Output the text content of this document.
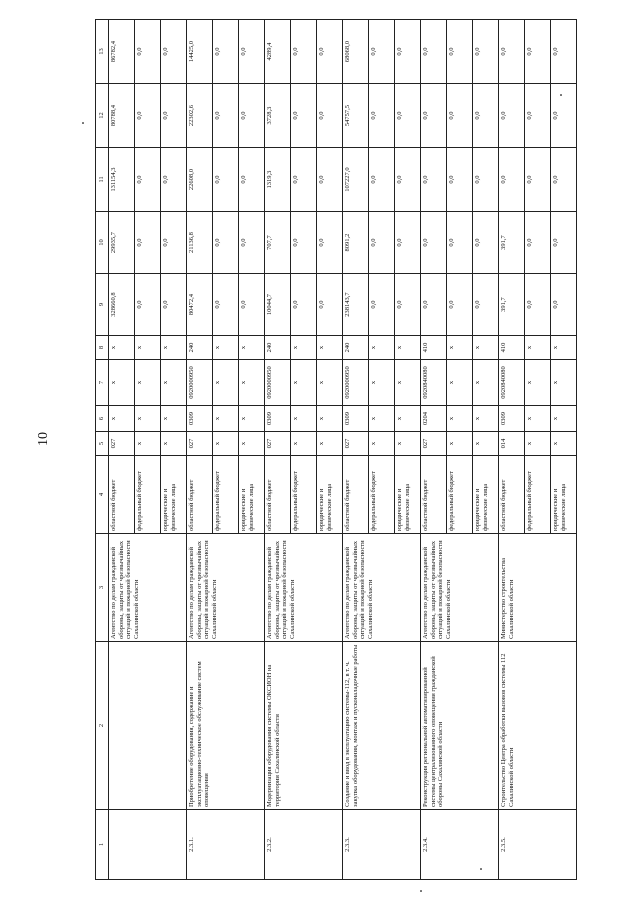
10
1	2	3	4	5	6	7	8	9	10	11	12	13
		Агентство по делам гражданской обороны, защиты от чрезвычайных ситуаций и пожарной безопасности Сахалинской области	областной бюджет	027	x	x	x	328660,8	29935,7	131154,3	80788,4	86782,4
			федеральный бюджет	x	x	x	x	0,0	0,0	0,0	0,0	0,0
			юридические и физические лица	x	x	x	x	0,0	0,0	0,0	0,0	0,0
2.3.1.	Приобретение оборудования, содержание и эксплуатационно-техническое обслуживание систем оповещения	Агентство по делам гражданской обороны, защиты от чрезвычайных ситуаций и пожарной безопасности Сахалинской области	областной бюджет	027	0309	0920000950	240	80472,4	21136,8	22608,0	22302,6	14425,0
			федеральный бюджет	x	x	x	x	0,0	0,0	0,0	0,0	0,0
			юридические и физические лица	x	x	x	x	0,0	0,0	0,0	0,0	0,0
2.3.2.	Модернизация оборудования системы ОКСИОН на территории Сахалинской области	Агентство по делам гражданской обороны, защиты от чрезвычайных ситуаций и пожарной безопасности Сахалинской области	областной бюджет	027	0309	0920000950	240	10044,7	707,7	1319,3	3728,3	4289,4
			федеральный бюджет	x	x	x	x	0,0	0,0	0,0	0,0	0,0
			юридические и физические лица	x	x	x	x	0,0	0,0	0,0	0,0	0,0
2.3.3.	Создание и ввод в эксплуатацию системы-112, в т. ч. закупка оборудования, монтаж и пусконаладочные работы	Агентство по делам гражданской обороны, защиты от чрезвычайных ситуаций и пожарной безопасности Сахалинской области	областной бюджет	027	0309	0920000950	240	238143,7	8091,2	107227,0	54757,5	68068,0
			федеральный бюджет	x	x	x	x	0,0	0,0	0,0	0,0	0,0
			юридические и физические лица	x	x	x	x	0,0	0,0	0,0	0,0	0,0
2.3.4.	Реконструкция региональной автоматизированной системы централизованного оповещения гражданской обороны Сахалинской области	Агентство по делам гражданской обороны, защиты от чрезвычайных ситуаций и пожарной безопасности Сахалинской области	областной бюджет	027	0204	0920840080	410	0,0	0,0	0,0	0,0	0,0
			федеральный бюджет	x	x	x	x	0,0	0,0	0,0	0,0	0,0
			юридические и физические лица	x	x	x	x	0,0	0,0	0,0	0,0	0,0
2.3.5.	Строительство Центра обработки вызовов системы 112 Сахалинской области	Министерство строительства Сахалинской области	областной бюджет	014	0309	0920840080	410	391,7	391,7	0,0	0,0	0,0
			федеральный бюджет	x	x	x	x	0,0	0,0	0,0	0,0	0,0
			юридические и физические лица	x	x	x	x	0,0	0,0	0,0	0,0	0,0
